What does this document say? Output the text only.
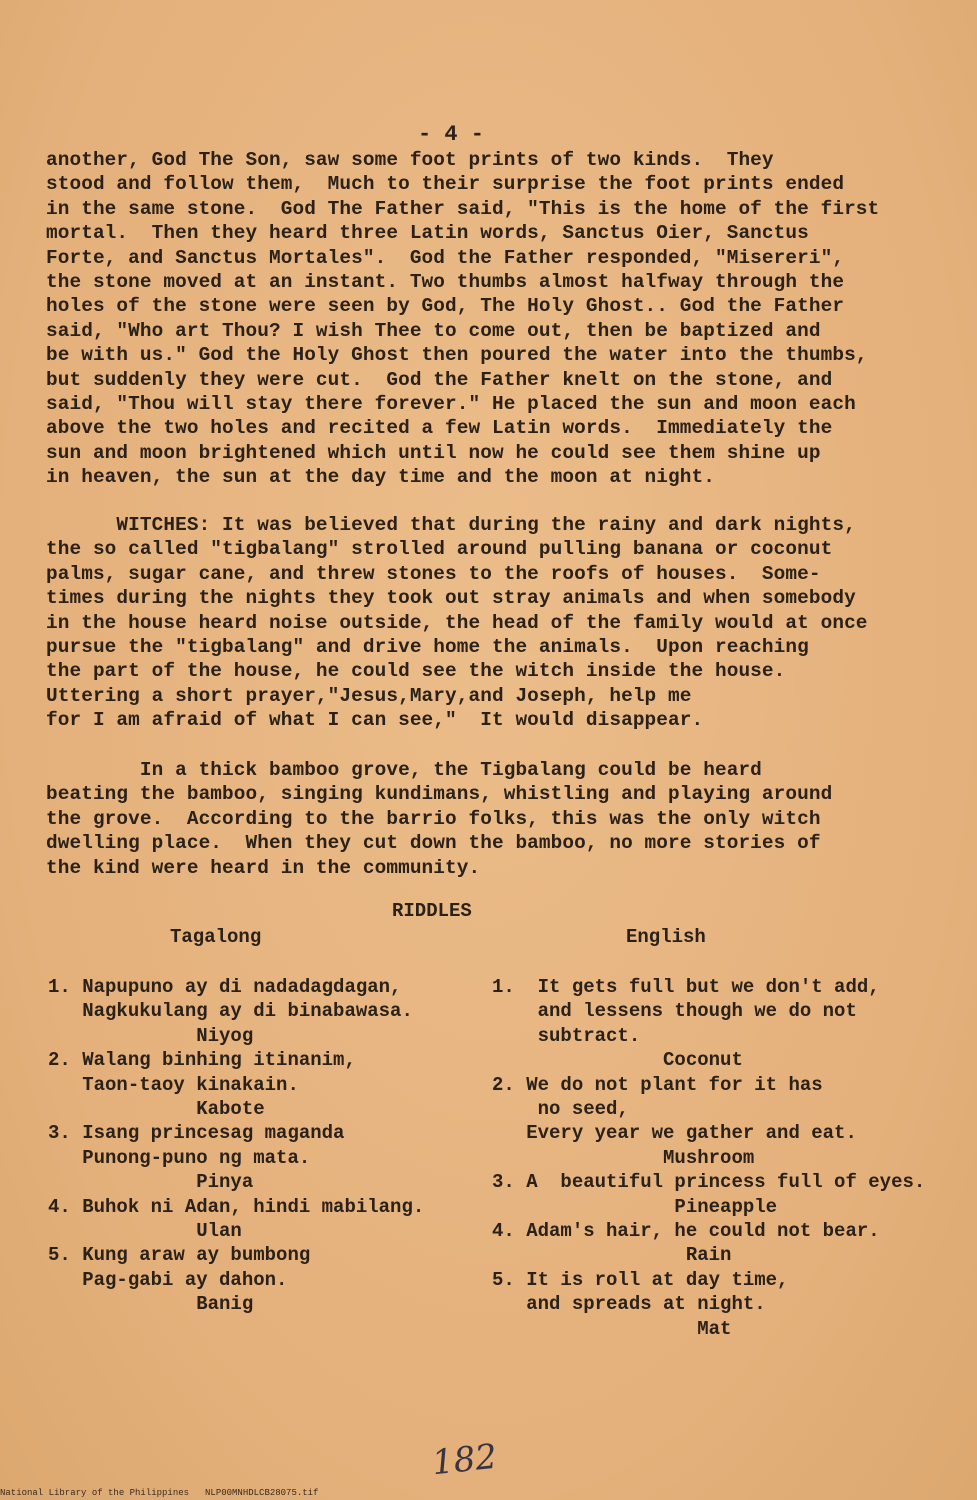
- 4 -
another, God The Son, saw some foot prints of two kinds.  They
stood and follow them,  Much to their surprise the foot prints ended
in the same stone.  God The Father said, "This is the home of the first
mortal.  Then they heard three Latin words, Sanctus Oier, Sanctus
Forte, and Sanctus Mortales".  God the Father responded, "Misereri",
the stone moved at an instant. Two thumbs almost halfway through the
holes of the stone were seen by God, The Holy Ghost.. God the Father
said, "Who art Thou? I wish Thee to come out, then be baptized and
be with us." God the Holy Ghost then poured the water into the thumbs,
but suddenly they were cut.  God the Father knelt on the stone, and
said, "Thou will stay there forever." He placed the sun and moon each
above the two holes and recited a few Latin words.  Immediately the
sun and moon brightened which until now he could see them shine up
in heaven, the sun at the day time and the moon at night.
WITCHES: It was believed that during the rainy and dark nights,
the so called "tigbalang" strolled around pulling banana or coconut
palms, sugar cane, and threw stones to the roofs of houses.  Some-
times during the nights they took out stray animals and when somebody
in the house heard noise outside, the head of the family would at once
pursue the "tigbalang" and drive home the animals.  Upon reaching
the part of the house, he could see the witch inside the house.
Uttering a short prayer,"Jesus,Mary,and Joseph, help me
for I am afraid of what I can see,"  It would disappear.
In a thick bamboo grove, the Tigbalang could be heard
beating the bamboo, singing kundimans, whistling and playing around
the grove.  According to the barrio folks, this was the only witch
dwelling place.  When they cut down the bamboo, no more stories of
the kind were heard in the community.
RIDDLES
Tagalong	English
1. Napupuno ay di nadadagdagan,
Nagkukulang ay di binabawasa.
Niyog
2. Walang binhing itinanim,
Taon-taoy kinakain.
Kabote
3. Isang princesag maganda
Punong-puno ng mata.
Pinya
4. Buhok ni Adan, hindi mabilang.
Ulan
5. Kung araw ay bumbong
Pag-gabi ay dahon.
Banig
1.  It gets full but we don't add,
and lessens though we do not
subtract.
Coconut
2. We do not plant for it has
no seed,
Every year we gather and eat.
Mushroom
3. A  beautiful princess full of eyes.
Pineapple
4. Adam's hair, he could not bear.
Rain
5. It is roll at day time,
and spreads at night.
Mat
182
National Library of the Philippines NLP00MNHDLCB28075.tif
